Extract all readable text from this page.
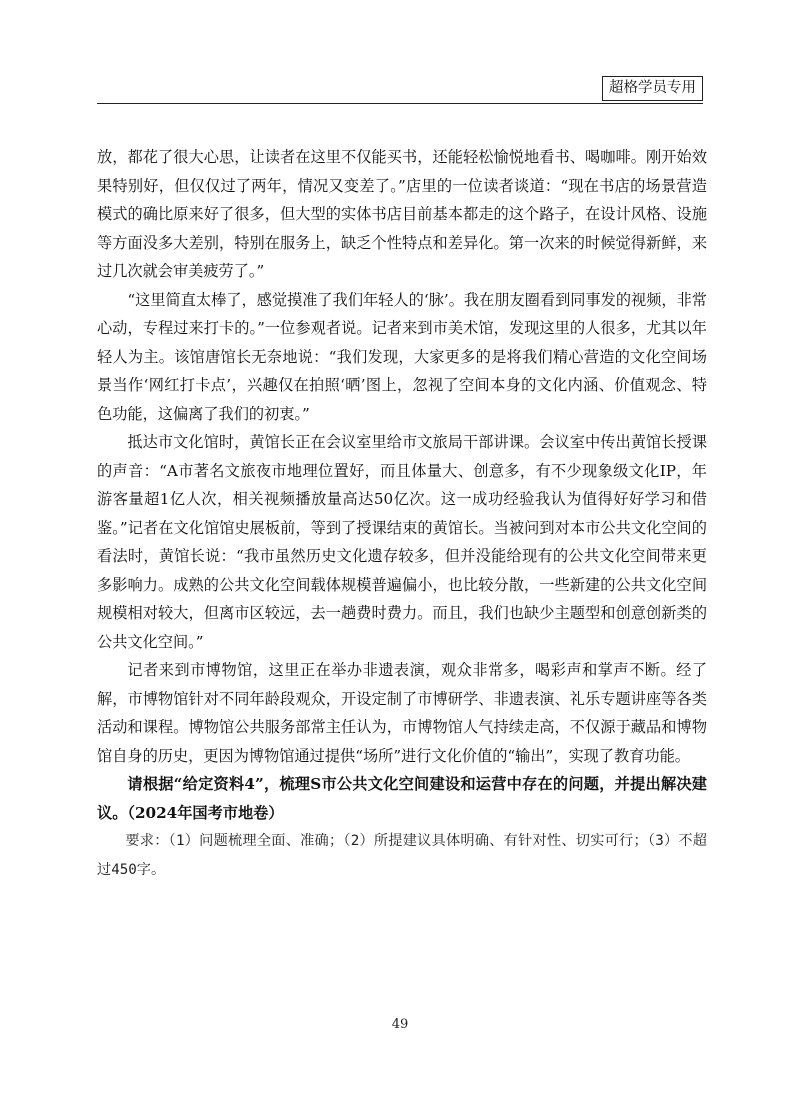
超格学员专用

放，都花了很大心思，让读者在这里不仅能买书，还能轻松愉悦地看书、喝咖啡。刚开始效果特别好，但仅仅过了两年，情况又变差了。”店里的一位读者谈道：“现在书店的场景营造模式的确比原来好了很多，但大型的实体书店目前基本都走的这个路子，在设计风格、设施等方面没多大差别，特别在服务上，缺乏个性特点和差异化。第一次来的时候觉得新鲜，来过几次就会审美疲劳了。”

“这里简直太棒了，感觉摸准了我们年轻人的‘脉’。我在朋友圈看到同事发的视频，非常心动，专程过来打卡的。”一位参观者说。记者来到市美术馆，发现这里的人很多，尤其以年轻人为主。该馆唐馆长无奈地说：“我们发现，大家更多的是将我们精心营造的文化空间场景当作‘网红打卡点’，兴趣仅在拍照‘晒’图上，忽视了空间本身的文化内涵、价值观念、特色功能，这偏离了我们的初衷。”

抵达市文化馆时，黄馆长正在会议室里给市文旅局干部讲课。会议室中传出黄馆长授课的声音：“A市著名文旅夜市地理位置好，而且体量大、创意多，有不少现象级文化IP，年游客量超1亿人次，相关视频播放量高达50亿次。这一成功经验我认为值得好好学习和借鉴。”记者在文化馆馆史展板前，等到了授课结束的黄馆长。当被问到对本市公共文化空间的看法时，黄馆长说：“我市虽然历史文化遗存较多，但并没能给现有的公共文化空间带来更多影响力。成熟的公共文化空间载体规模普遍偏小，也比较分散，一些新建的公共文化空间规模相对较大，但离市区较远，去一趟费时费力。而且，我们也缺少主题型和创意创新类的公共文化空间。”

记者来到市博物馆，这里正在举办非遗表演，观众非常多，喝彩声和掌声不断。经了解，市博物馆针对不同年龄段观众，开设定制了市博研学、非遗表演、礼乐专题讲座等各类活动和课程。博物馆公共服务部常主任认为，市博物馆人气持续走高，不仅源于藏品和博物馆自身的历史，更因为博物馆通过提供“场所”进行文化价值的“输出”，实现了教育功能。

请根据“给定资料4”，梳理S市公共文化空间建设和运营中存在的问题，并提出解决建议。（2024年国考市地卷）

要求：（1）问题梳理全面、准确；（2）所提建议具体明确、有针对性、切实可行；（3）不超过450字。

49
